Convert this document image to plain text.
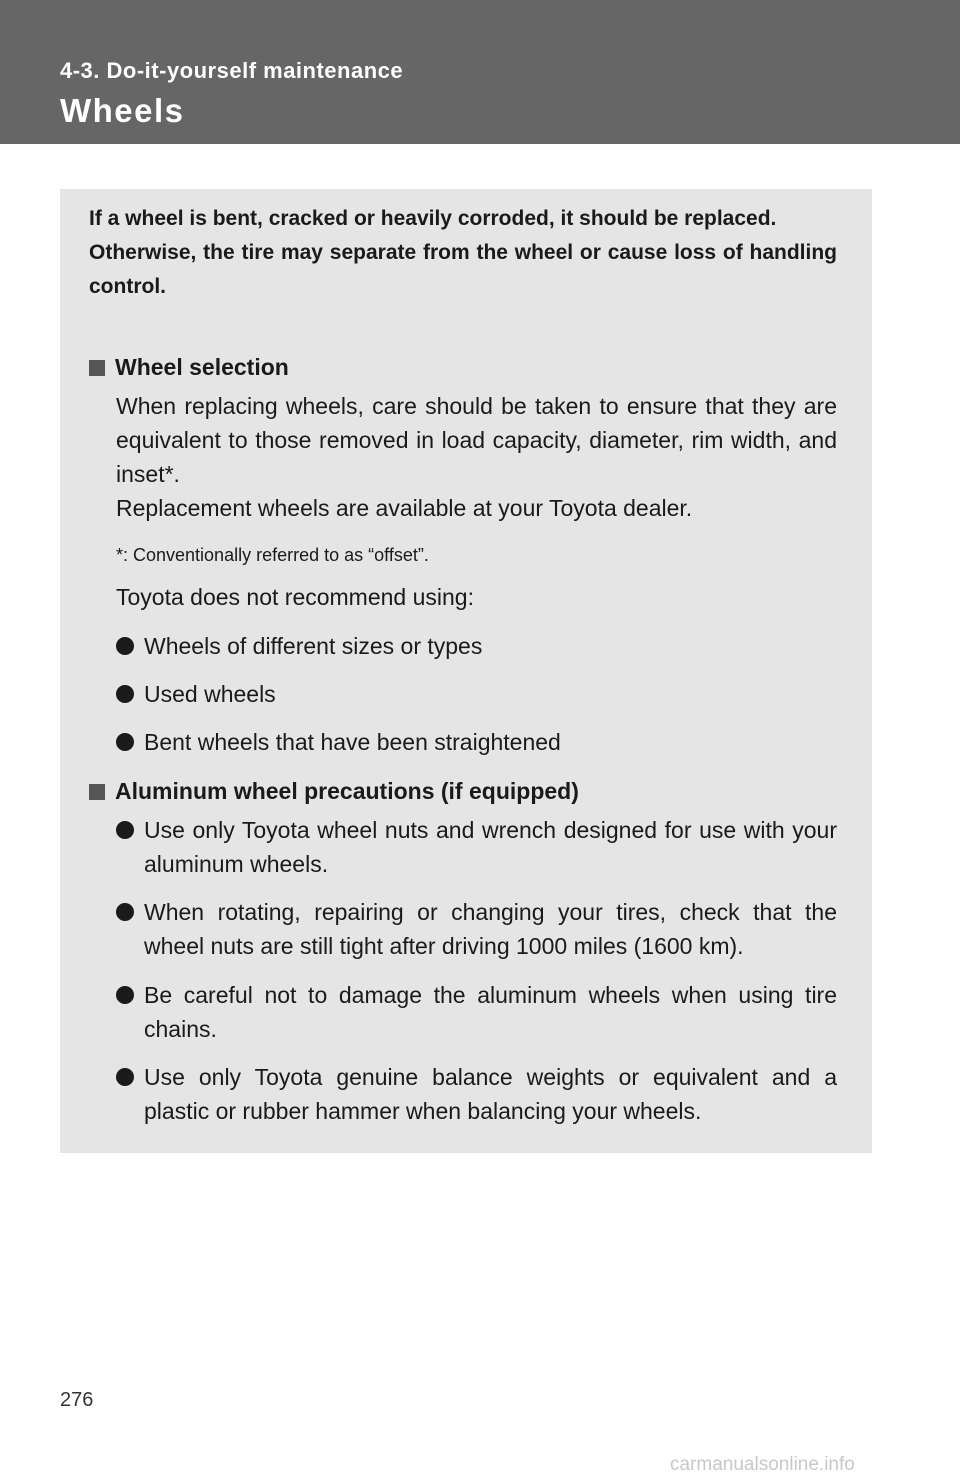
4-3. Do-it-yourself maintenance
Wheels

If a wheel is bent, cracked or heavily corroded, it should be replaced.

Otherwise, the tire may separate from the wheel or cause loss of handling control.

Wheel selection

When replacing wheels, care should be taken to ensure that they are equivalent to those removed in load capacity, diameter, rim width, and inset*.

Replacement wheels are available at your Toyota dealer.

*: Conventionally referred to as “offset”.
Toyota does not recommend using:
Wheels of different sizes or types
Used wheels
Bent wheels that have been straightened
Aluminum wheel precautions (if equipped)
Use only Toyota wheel nuts and wrench designed for use with your aluminum wheels.
When rotating, repairing or changing your tires, check that the wheel nuts are still tight after driving 1000 miles (1600 km).
Be careful not to damage the aluminum wheels when using tire chains.
Use only Toyota genuine balance weights or equivalent and a plastic or rubber hammer when balancing your wheels.
276
carmanualsonline.info
